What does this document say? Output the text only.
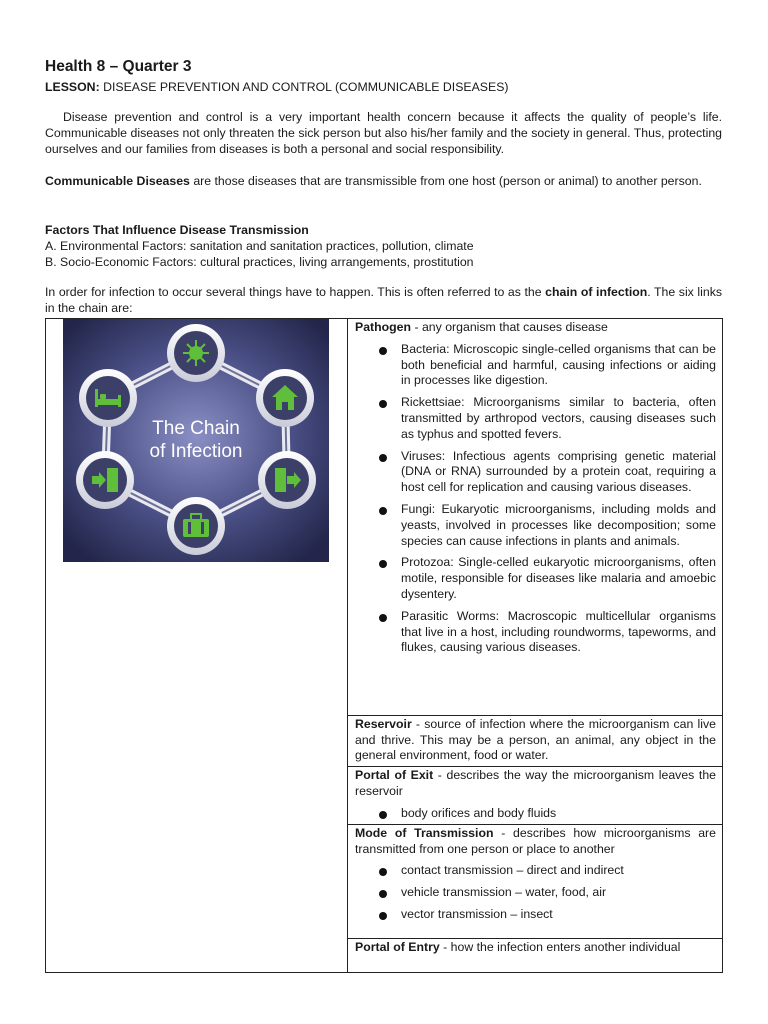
Health 8 – Quarter 3
LESSON: DISEASE PREVENTION AND CONTROL (COMMUNICABLE DISEASES)

Disease prevention and control is a very important health concern because it affects the quality of people’s life. Communicable diseases not only threaten the sick person but also his/her family and the society in general. Thus, protecting ourselves and our families from diseases is both a personal and social responsibility.

Communicable Diseases are those diseases that are transmissible from one host (person or animal) to another person.

Factors That Influence Disease Transmission
A. Environmental Factors: sanitation and sanitation practices, pollution, climate
B. Socio-Economic Factors: cultural practices, living arrangements, prostitution

In order for infection to occur several things have to happen. This is often referred to as the chain of infection. The six links in the chain are:

The Chain
of Infection

Pathogen - any organism that causes disease
Bacteria: Microscopic single-celled organisms that can be both beneficial and harmful, causing infections or aiding in processes like digestion.
Rickettsiae: Microorganisms similar to bacteria, often transmitted by arthropod vectors, causing diseases such as typhus and spotted fevers.
Viruses: Infectious agents comprising genetic material (DNA or RNA) surrounded by a protein coat, requiring a host cell for replication and causing various diseases.
Fungi: Eukaryotic microorganisms, including molds and yeasts, involved in processes like decomposition; some species can cause infections in plants and animals.
Protozoa: Single-celled eukaryotic microorganisms, often motile, responsible for diseases like malaria and amoebic dysentery.
Parasitic Worms: Macroscopic multicellular organisms that live in a host, including roundworms, tapeworms, and flukes, causing various diseases.

Reservoir - source of infection where the microorganism can live and thrive. This may be a person, an animal, any object in the general environment, food or water.

Portal of Exit - describes the way the microorganism leaves the reservoir
body orifices and body fluids

Mode of Transmission - describes how microorganisms are transmitted from one person or place to another
contact transmission – direct and indirect
vehicle transmission – water, food, air
vector transmission – insect

Portal of Entry - how the infection enters another individual
